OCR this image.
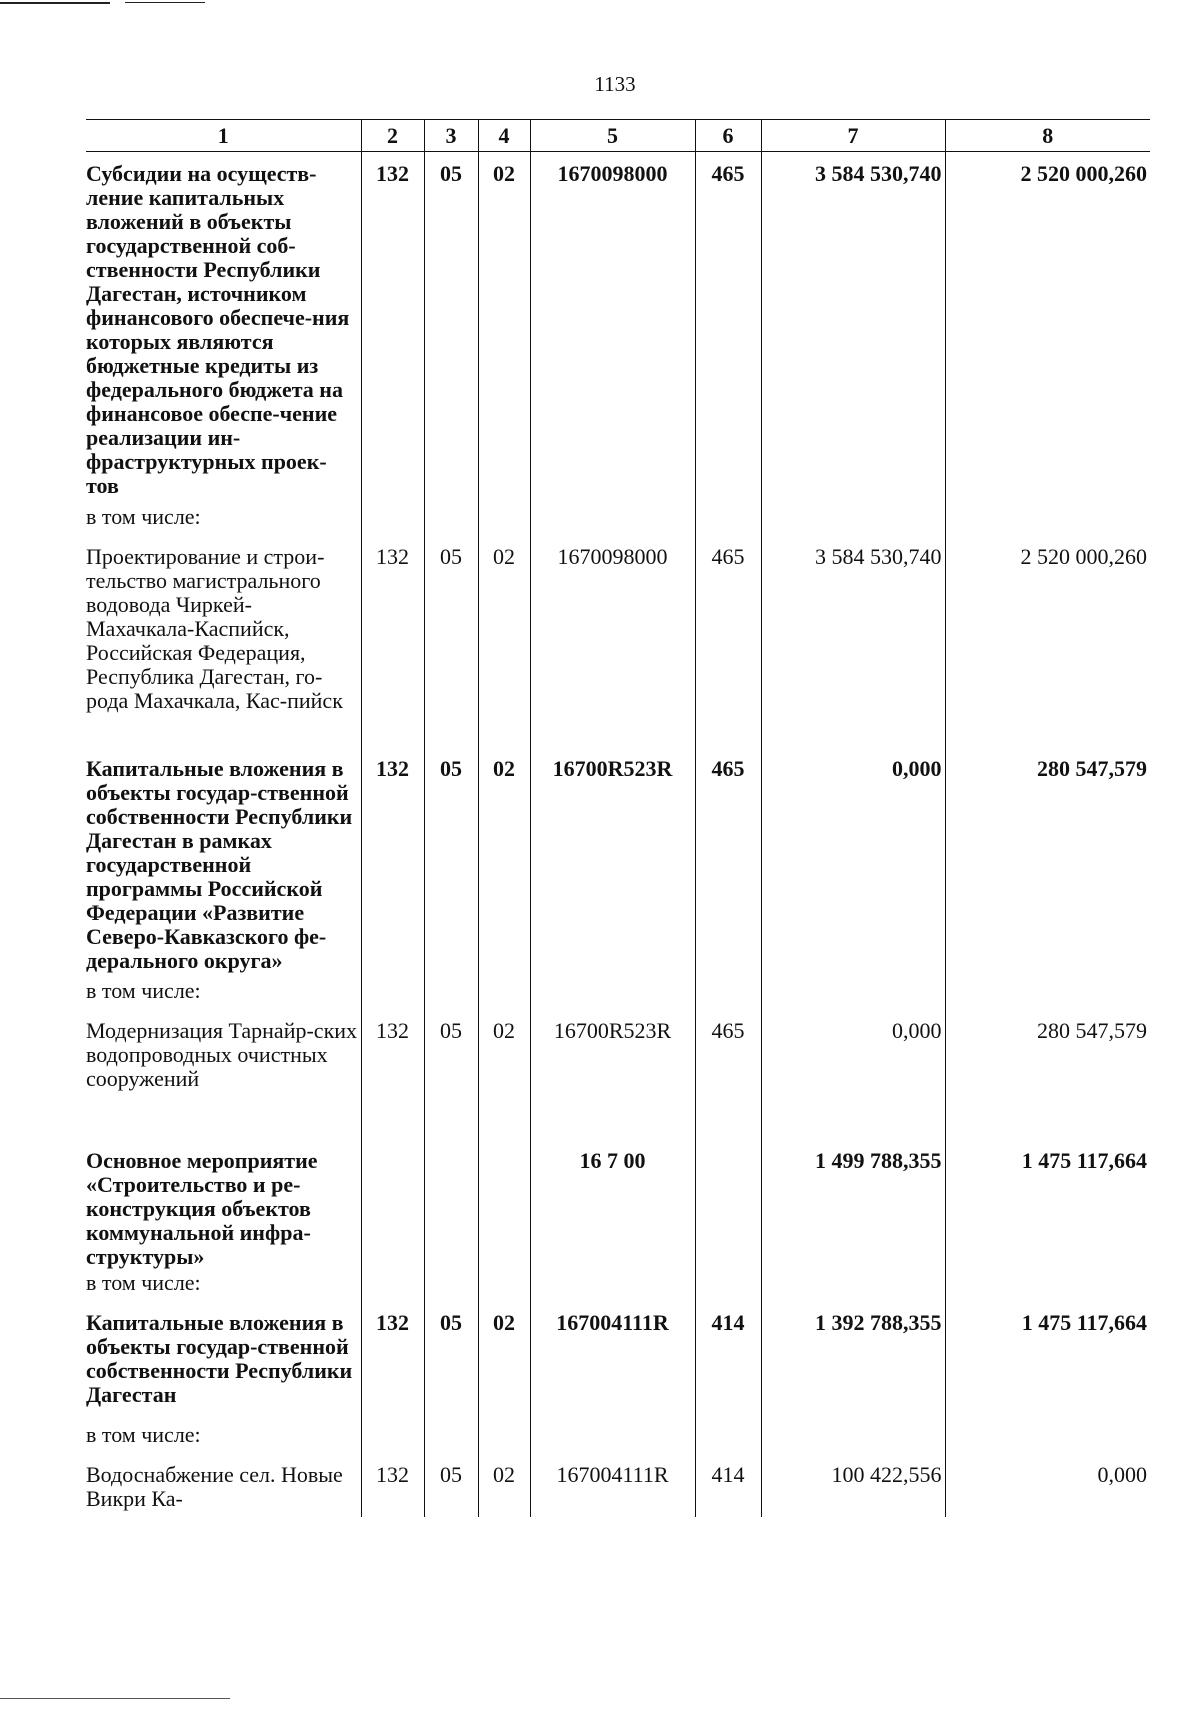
1133
1	2	3	4	5	6	7	8
Субсидии на осуществ-ление капитальных вложений в объекты государственной соб-ственности Республики Дагестан, источником финансового обеспече-ния которых являются бюджетные кредиты из федерального бюджета на финансовое обеспе-чение реализации ин-фраструктурных проек-тов	132	05	02	1670098000	465	3 584 530,740	2 520 000,260
в том числе:							
Проектирование и строи-тельство магистрального водовода Чиркей-Махачкала-Каспийск, Российская Федерация, Республика Дагестан, го-рода Махачкала, Кас-пийск	132	05	02	1670098000	465	3 584 530,740	2 520 000,260
Капитальные вложения в объекты государ-ственной собственности Республики Дагестан в рамках государственной программы Российской Федерации «Развитие Северо-Кавказского фе-дерального округа»	132	05	02	16700R523R	465	0,000	280 547,579
в том числе:							
Модернизация Тарнайр-ских водопроводных очистных сооружений	132	05	02	16700R523R	465	0,000	280 547,579
Основное мероприятие «Строительство и ре-конструкция объектов коммунальной инфра-структуры»				16 7 00		1 499 788,355	1 475 117,664
в том числе:							
Капитальные вложения в объекты государ-ственной собственности Республики Дагестан	132	05	02	167004111R	414	1 392 788,355	1 475 117,664
в том числе:							
Водоснабжение сел. Новые Викри Ка-	132	05	02	167004111R	414	100 422,556	0,000
